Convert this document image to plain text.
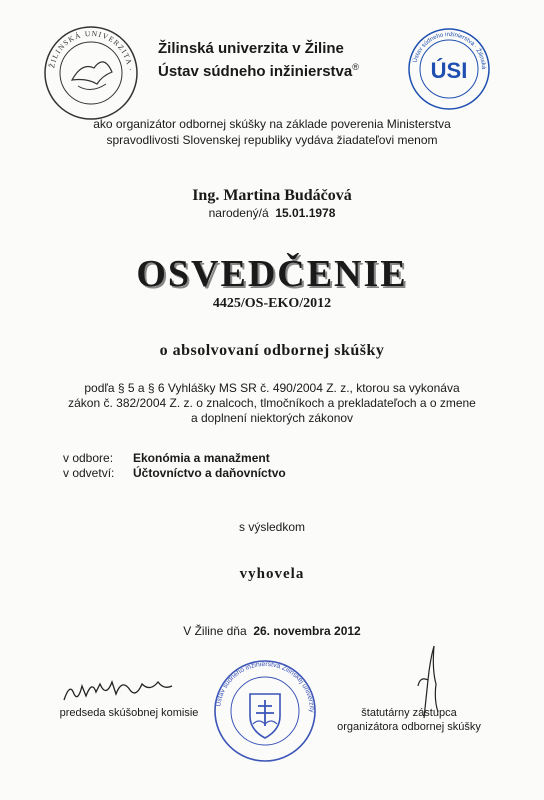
ŽILINSKÁ UNIVERZITA ·
Žilinská univerzita v Žiline
Ústav súdneho inžinierstva®
Ústav súdneho inžinierstva · Žilinská
ÚSI
ako organizátor odbornej skúšky na základe poverenia Ministerstva
spravodlivosti Slovenskej republiky vydáva žiadateľovi menom
Ing. Martina Budáčová
narodený/á 15.01.1978
OSVEDČENIE
4425/OS-EKO/2012
o absolvovaní odbornej skúšky
podľa § 5 a § 6 Vyhlášky MS SR č. 490/2004 Z. z., ktorou sa vykonáva
zákon č. 382/2004 Z. z. o znalcoch, tlmočníkoch a prekladateľoch a o zmene
a doplnení niektorých zákonov
v odbore: Ekonómia a manažment
v odvetví: Účtovníctvo a daňovníctvo
s výsledkom
vyhovela
V Žiline dňa 26. novembra 2012
predseda skúšobnej komisie
Ústav súdneho inžinierstva Žilinskej univerzity	štatutárny zástupca
organizátora odbornej skúšky
